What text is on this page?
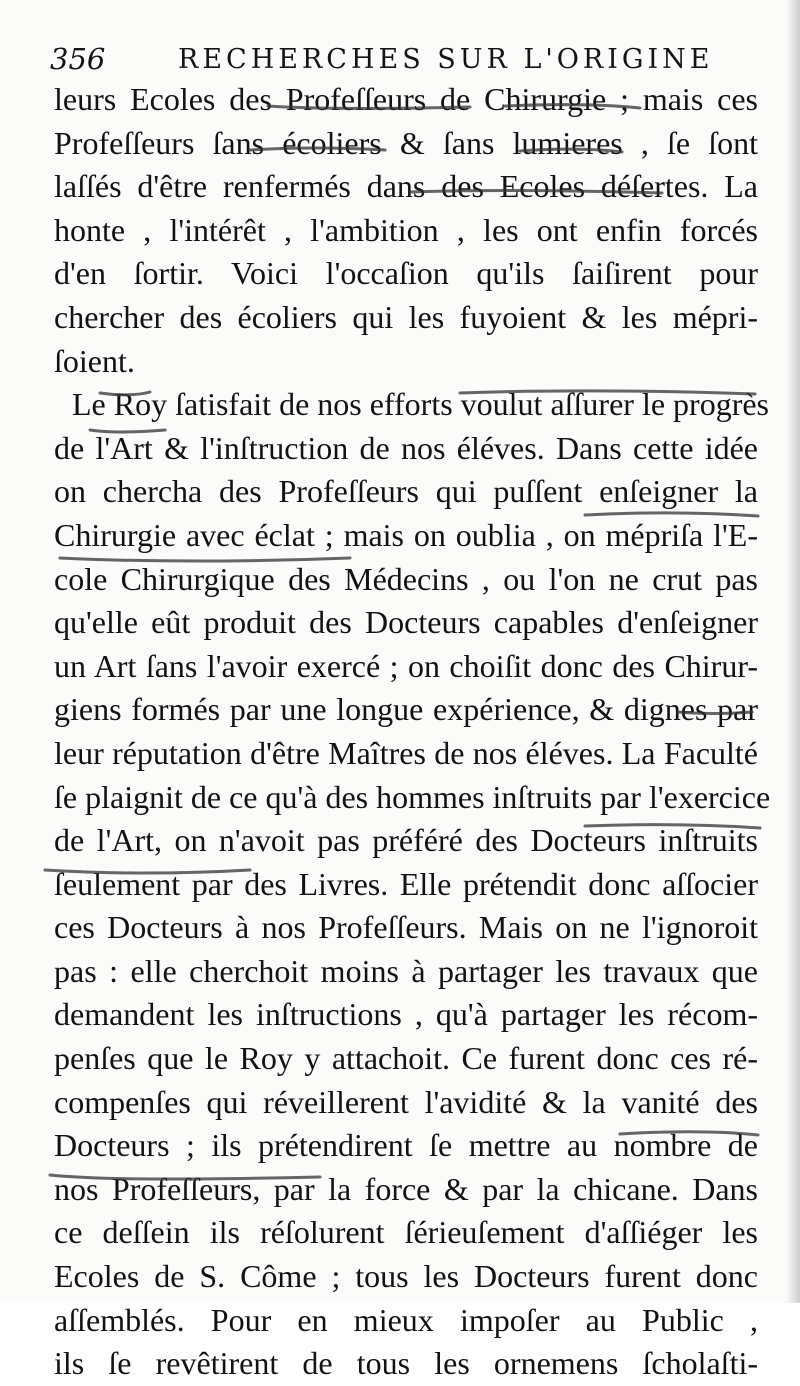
356	RECHERCHES SUR L'ORIGINE
leurs Ecoles des Profeſſeurs de Chirurgie ; mais ces
Profeſſeurs ſans écoliers & ſans lumieres , ſe ſont
laſſés d'être renfermés dans des Ecoles déſertes. La
honte , l'intérêt , l'ambition , les ont enfin forcés
d'en ſortir. Voici l'occaſion qu'ils ſaiſirent pour
chercher des écoliers qui les fuyoient & les mépri-
ſoient.
Le Roy ſatisfait de nos efforts voulut aſſurer le progrès
de l'Art & l'inſtruction de nos éléves. Dans cette idée
on chercha des Profeſſeurs qui puſſent enſeigner la
Chirurgie avec éclat ; mais on oublia , on mépriſa l'E-
cole Chirurgique des Médecins , ou l'on ne crut pas
qu'elle eût produit des Docteurs capables d'enſeigner
un Art ſans l'avoir exercé ; on choiſit donc des Chirur-
giens formés par une longue expérience, & dignes par
leur réputation d'être Maîtres de nos éléves. La Faculté
ſe plaignit de ce qu'à des hommes inſtruits par l'exercice
de l'Art, on n'avoit pas préféré des Docteurs inſtruits
ſeulement par des Livres. Elle prétendit donc aſſocier
ces Docteurs à nos Profeſſeurs. Mais on ne l'ignoroit
pas : elle cherchoit moins à partager les travaux que
demandent les inſtructions , qu'à partager les récom-
penſes que le Roy y attachoit. Ce furent donc ces ré-
compenſes qui réveillerent l'avidité & la vanité des
Docteurs ; ils prétendirent ſe mettre au nombre de
nos Profeſſeurs, par la force & par la chicane. Dans
ce deſſein ils réſolurent ſérieuſement d'aſſiéger les
Ecoles de S. Côme ; tous les Docteurs furent donc
aſſemblés. Pour en mieux impoſer au Public ,
ils ſe revêtirent de tous les ornemens ſcholaſti-
